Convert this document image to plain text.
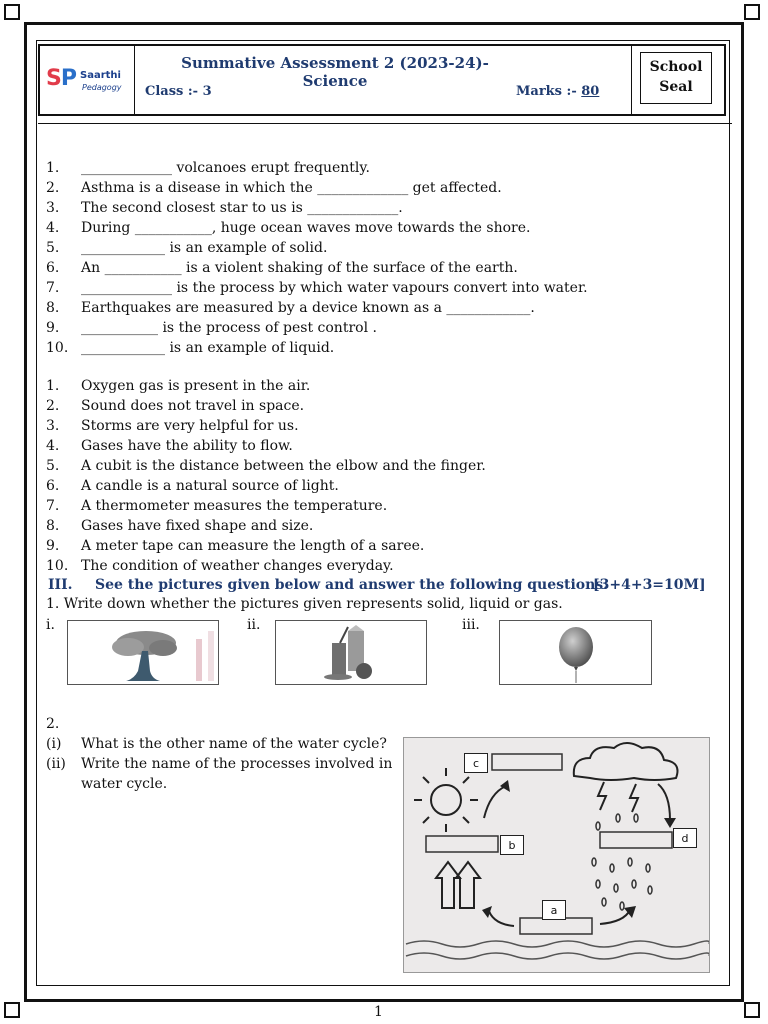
SP Saarthi
Pedagogy
Summative Assessment 2 (2023-24)- Science
Class :- 3	Marks :- 80
School
Seal
1. _____________ volcanoes erupt frequently.
2. Asthma is a disease in which the _____________ get affected.
3. The second closest star to us is _____________.
4. During ___________, huge ocean waves move towards the shore.
5. ____________ is an example of solid.
6. An ___________ is a violent shaking of the surface of the earth.
7. _____________ is the process by which water vapours convert into water.
8. Earthquakes are measured by a device known as a ____________.
9. ___________ is the process of pest control .
10. ____________ is an example of liquid.
1. Oxygen gas is present in the air.
2. Sound does not travel in space.
3. Storms are very helpful for us.
4. Gases have the ability to flow.
5. A cubit is the distance between the elbow and the finger.
6. A candle is a natural source of light.
7. A thermometer measures the temperature.
8. Gases have fixed shape and size.
9. A meter tape can measure the length of a saree.
10. The condition of weather changes everyday.
III. See the pictures given below and answer the following questions.
[3+4+3=10M]
1. Write down whether the pictures given represents solid, liquid or gas.
i.	ii.	iii.
2.
(i) What is the other name of the water cycle?
(ii) Write the name of the processes involved in
water cycle.
c
b
d
a
1
